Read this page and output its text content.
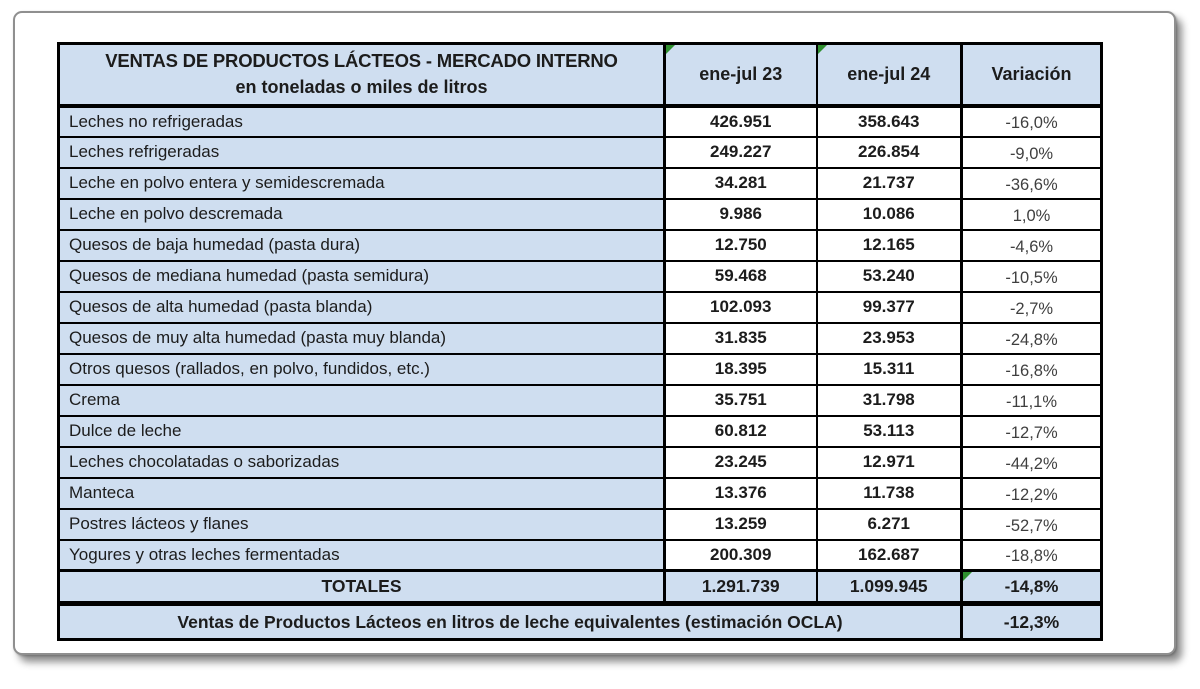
VENTAS DE PRODUCTOS LÁCTEOS - MERCADO INTERNO
en toneladas o miles de litros	ene-jul 23	ene-jul 24	Variación
Leches no refrigeradas	426.951	358.643	-16,0%
Leches refrigeradas	249.227	226.854	-9,0%
Leche en polvo entera y semidescremada	34.281	21.737	-36,6%
Leche en polvo descremada	9.986	10.086	1,0%
Quesos de baja humedad (pasta dura)	12.750	12.165	-4,6%
Quesos de mediana humedad (pasta semidura)	59.468	53.240	-10,5%
Quesos de alta humedad (pasta blanda)	102.093	99.377	-2,7%
Quesos de muy alta humedad (pasta muy blanda)	31.835	23.953	-24,8%
Otros quesos (rallados, en polvo, fundidos, etc.)	18.395	15.311	-16,8%
Crema	35.751	31.798	-11,1%
Dulce de leche	60.812	53.113	-12,7%
Leches chocolatadas o saborizadas	23.245	12.971	-44,2%
Manteca	13.376	11.738	-12,2%
Postres lácteos y flanes	13.259	6.271	-52,7%
Yogures y otras leches fermentadas	200.309	162.687	-18,8%
TOTALES	1.291.739	1.099.945	-14,8%
Ventas de Productos Lácteos en litros de leche equivalentes (estimación OCLA)			-12,3%
